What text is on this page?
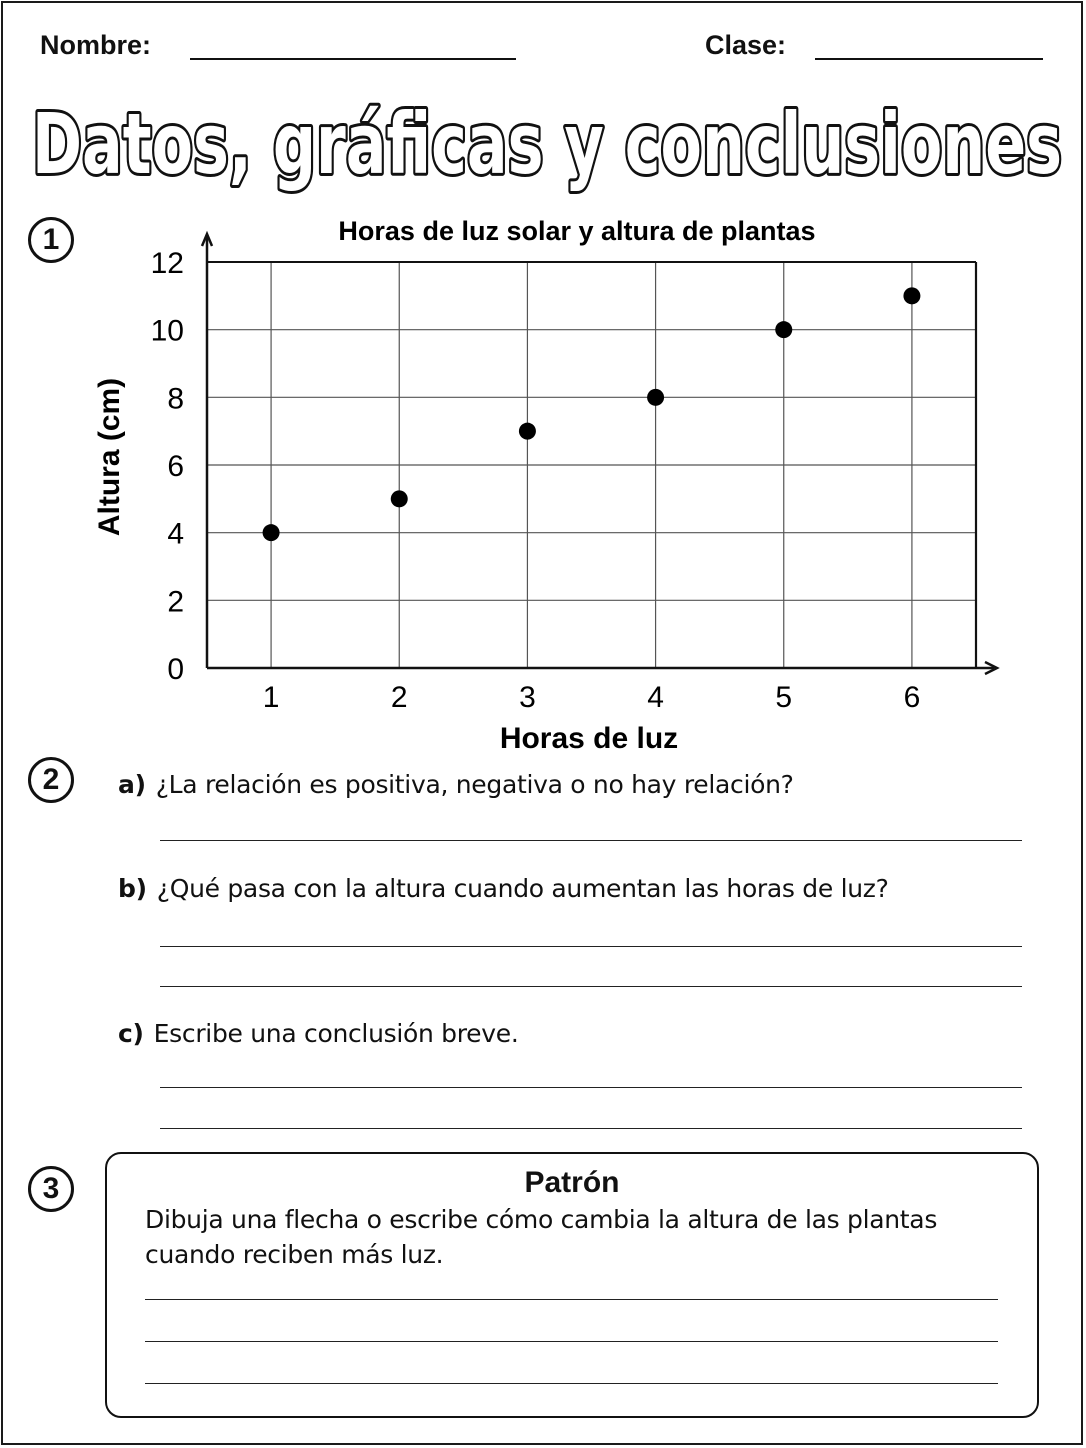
Nombre:	Clase:
Datos, gráficas y conclusiones
1
2
3
Horas de luz solar y altura de plantas
0
2
4
6
8
10
12
1	2	3	4	5	6
Horas de luz
Altura (cm)
a) ¿La relación es positiva, negativa o no hay relación?
b) ¿Qué pasa con la altura cuando aumentan las horas de luz?
c) Escribe una conclusión breve.
Patrón
Dibuja una flecha o escribe cómo cambia la altura de las plantas cuando reciben más luz.
